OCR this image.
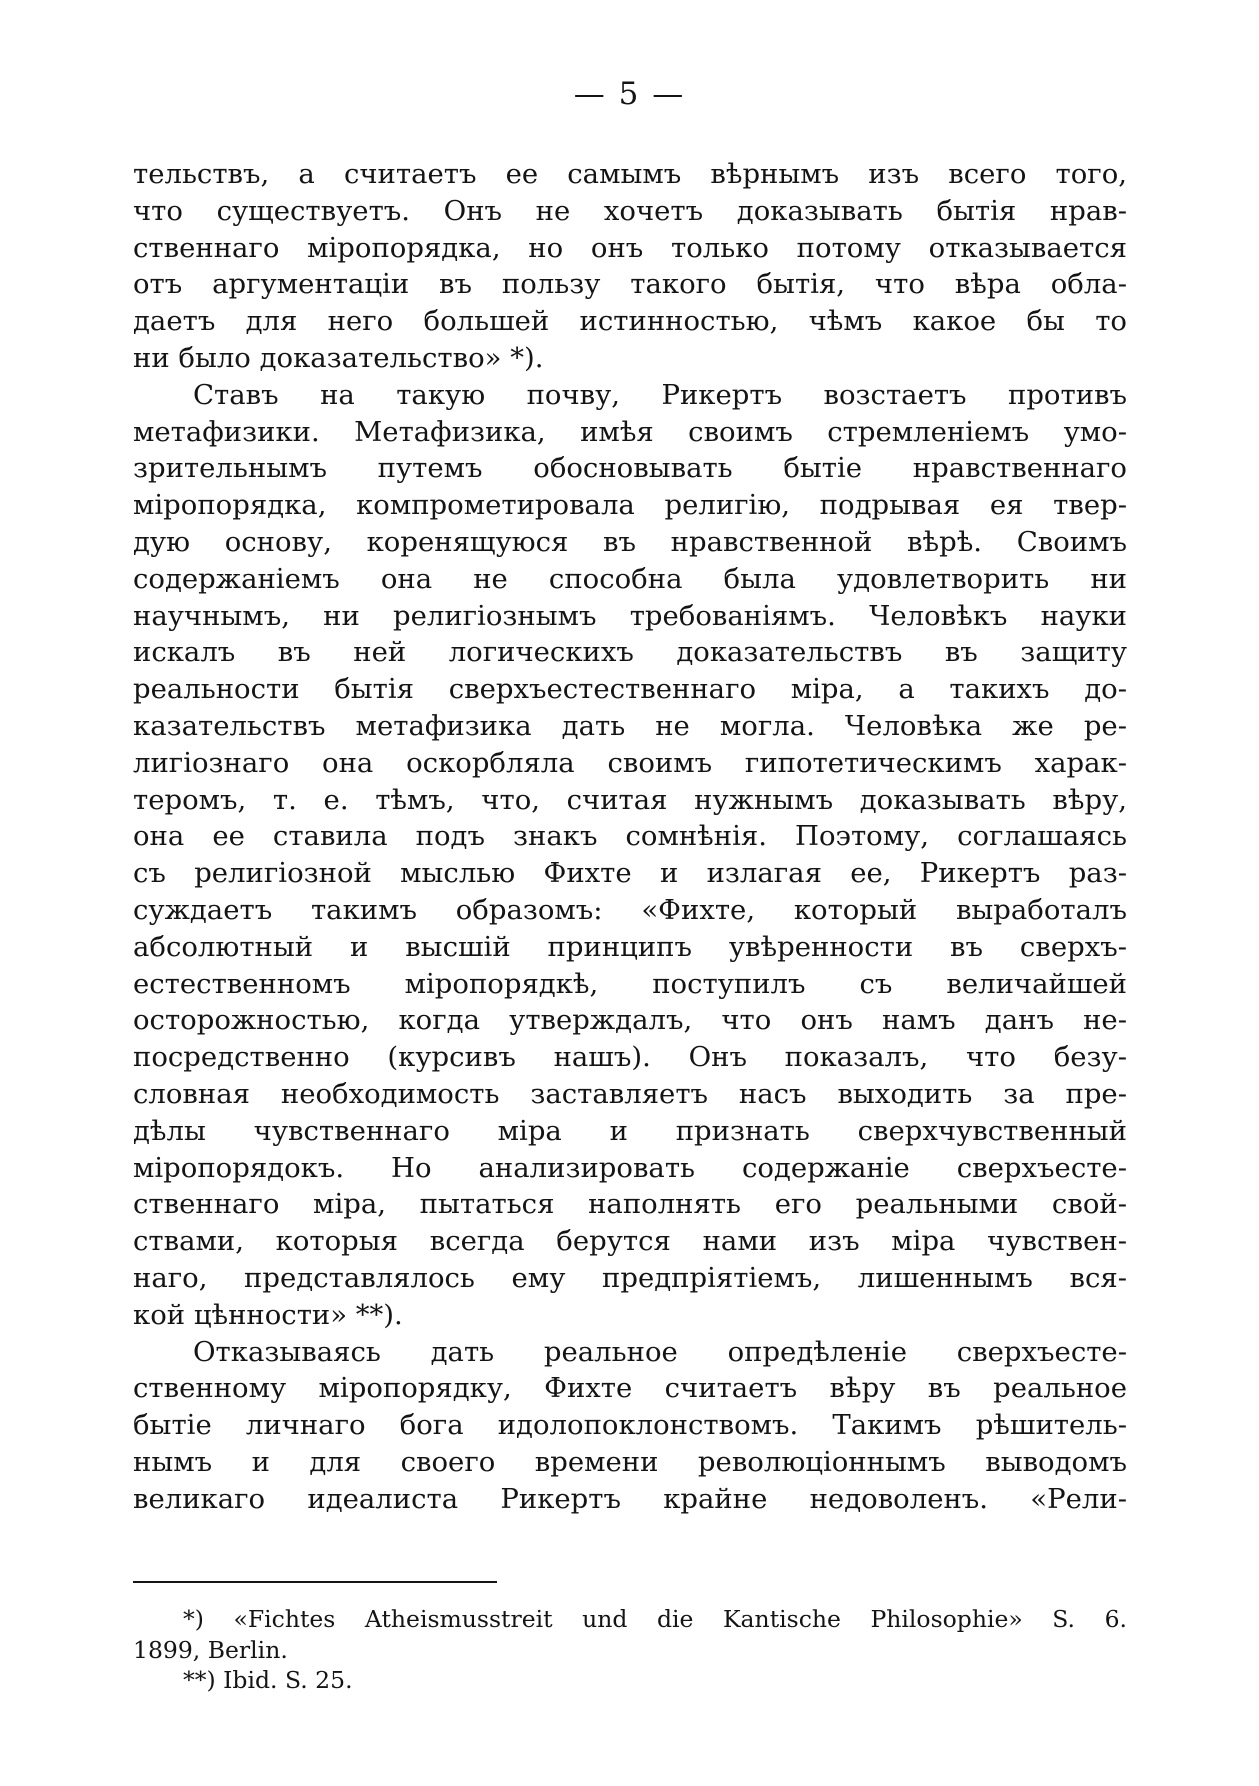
— 5 —
тельствъ, а считаетъ ее самымъ вѣрнымъ изъ всего того,
что существуетъ. Онъ не хочетъ доказывать бытія нрав-
ственнаго міропорядка, но онъ только потому отказывается
отъ аргументаціи въ пользу такого бытія, что вѣра обла-
даетъ для него большей истинностью, чѣмъ какое бы то
ни было доказательство» *).
Ставъ на такую почву, Рикертъ возстаетъ противъ
метафизики. Метафизика, имѣя своимъ стремленіемъ умо-
зрительнымъ путемъ обосновывать бытіе нравственнаго
міропорядка, компрометировала религію, подрывая ея твер-
дую основу, коренящуюся въ нравственной вѣрѣ. Своимъ
содержаніемъ она не способна была удовлетворить ни
научнымъ, ни религіознымъ требованіямъ. Человѣкъ науки
искалъ въ ней логическихъ доказательствъ въ защиту
реальности бытія сверхъестественнаго міра, а такихъ до-
казательствъ метафизика дать не могла. Человѣка же ре-
лигіознаго она оскорбляла своимъ гипотетическимъ харак-
теромъ, т. е. тѣмъ, что, считая нужнымъ доказывать вѣру,
она ее ставила подъ знакъ сомнѣнія. Поэтому, соглашаясь
съ религіозной мыслью Фихте и излагая ее, Рикертъ раз-
суждаетъ такимъ образомъ: «Фихте, который выработалъ
абсолютный и высшій принципъ увѣренности въ сверхъ-
естественномъ міропорядкѣ, поступилъ съ величайшей
осторожностью, когда утверждалъ, что онъ намъ данъ не-
посредственно (курсивъ нашъ). Онъ показалъ, что безу-
словная необходимость заставляетъ насъ выходить за пре-
дѣлы чувственнаго міра и признать сверхчувственный
міропорядокъ. Но анализировать содержаніе сверхъестe-
ственнаго міра, пытаться наполнять его реальными свой-
ствами, которыя всегда берутся нами изъ міра чувствен-
наго, представлялось ему предпріятіемъ, лишеннымъ вся-
кой цѣнности» **).
Отказываясь дать реальное опредѣленіе сверхъесте-
ственному міропорядку, Фихте считаетъ вѣру въ реальное
бытіе личнаго бога идолопоклонствомъ. Такимъ рѣшитель-
нымъ и для своего времени революціоннымъ выводомъ
великаго идеалиста Рикертъ крайне недоволенъ. «Рели-
*) «Fichtes Atheismusstreit und die Kantische Philosophie» S. 6.
1899, Berlin.
**) Ibid. S. 25.
